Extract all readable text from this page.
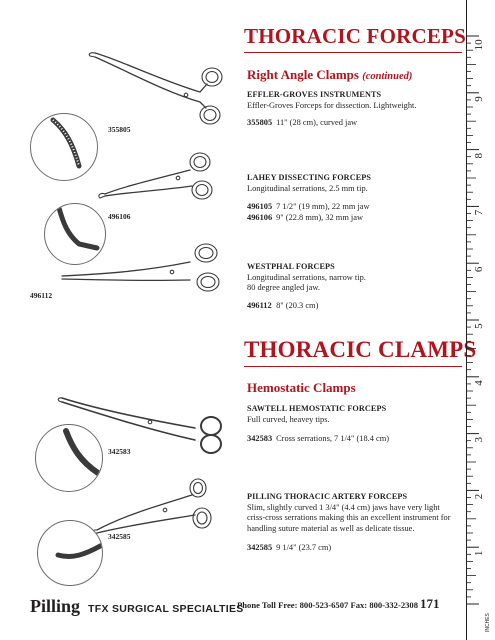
THORACIC FORCEPS
THORACIC CLAMPS
Right Angle Clamps (continued)
Hemostatic Clamps
EFFLER-GROVES INSTRUMENTS
Effler-Groves Forceps for dissection. Lightweight.
355805 11" (28 cm), curved jaw
LAHEY DISSECTING FORCEPS
Longitudinal serrations, 2.5 mm tip.
496105 7 1/2" (19 mm), 22 mm jaw
496106 9" (22.8 mm), 32 mm jaw
WESTPHAL FORCEPS
Longitudinal serrations, narrow tip.
80 degree angled jaw.
496112 8" (20.3 cm)
SAWTELL HEMOSTATIC FORCEPS
Full curved, heavey tips.
342583 Cross serrations, 7 1/4" (18.4 cm)
PILLING THORACIC ARTERY FORCEPS
Slim, slightly curved 1 3/4" (4.4 cm) jaws have very light
criss-cross serrations making this an excellent instrument for
handling suture material as well as delicate tissue.
342585 9 1/4" (23.7 cm)
355805
496106
496112
342583
342585
10
9
8
7
6
5
4
3
2
1
INCHES
Pilling TFX SURGICAL SPECIALTIES
Phone Toll Free: 800-523-6507 Fax: 800-332-2308 171
